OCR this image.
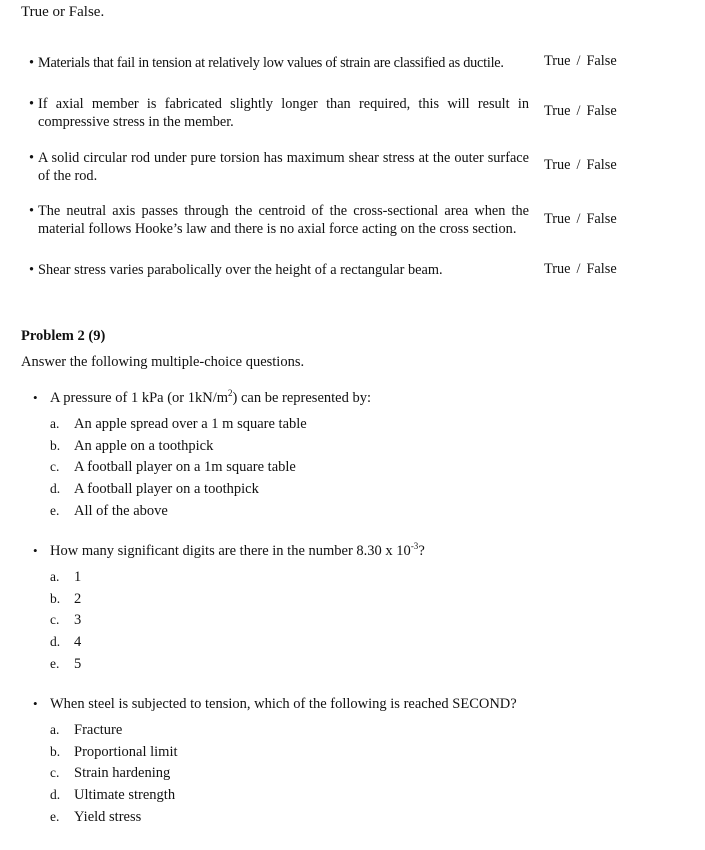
True or False.
• Materials that fail in tension at relatively low values of strain are classified as ductile.	True / False
• If axial member is fabricated slightly longer than required, this will result in compressive stress in the member.
True / False
• A solid circular rod under pure torsion has maximum shear stress at the outer surface of the rod.
True / False
• The neutral axis passes through the centroid of the cross-sectional area when the material follows Hooke’s law and there is no axial force acting on the cross section.
True / False
• Shear stress varies parabolically over the height of a rectangular beam.	True / False
Problem 2 (9)
Answer the following multiple-choice questions.
• A pressure of 1 kPa (or $1kN/m^2$) can be represented by:
a. An apple spread over a 1 m square table
b. An apple on a toothpick
c. A football player on a 1m square table
d. A football player on a toothpick
e. All of the above
• How many significant digits are there in the number 8.30 x $10^{-3}$?
a. 1
b. 2
c. 3
d. 4
e. 5
• When steel is subjected to tension, which of the following is reached SECOND?
a. Fracture
b. Proportional limit
c. Strain hardening
d. Ultimate strength
e. Yield stress
